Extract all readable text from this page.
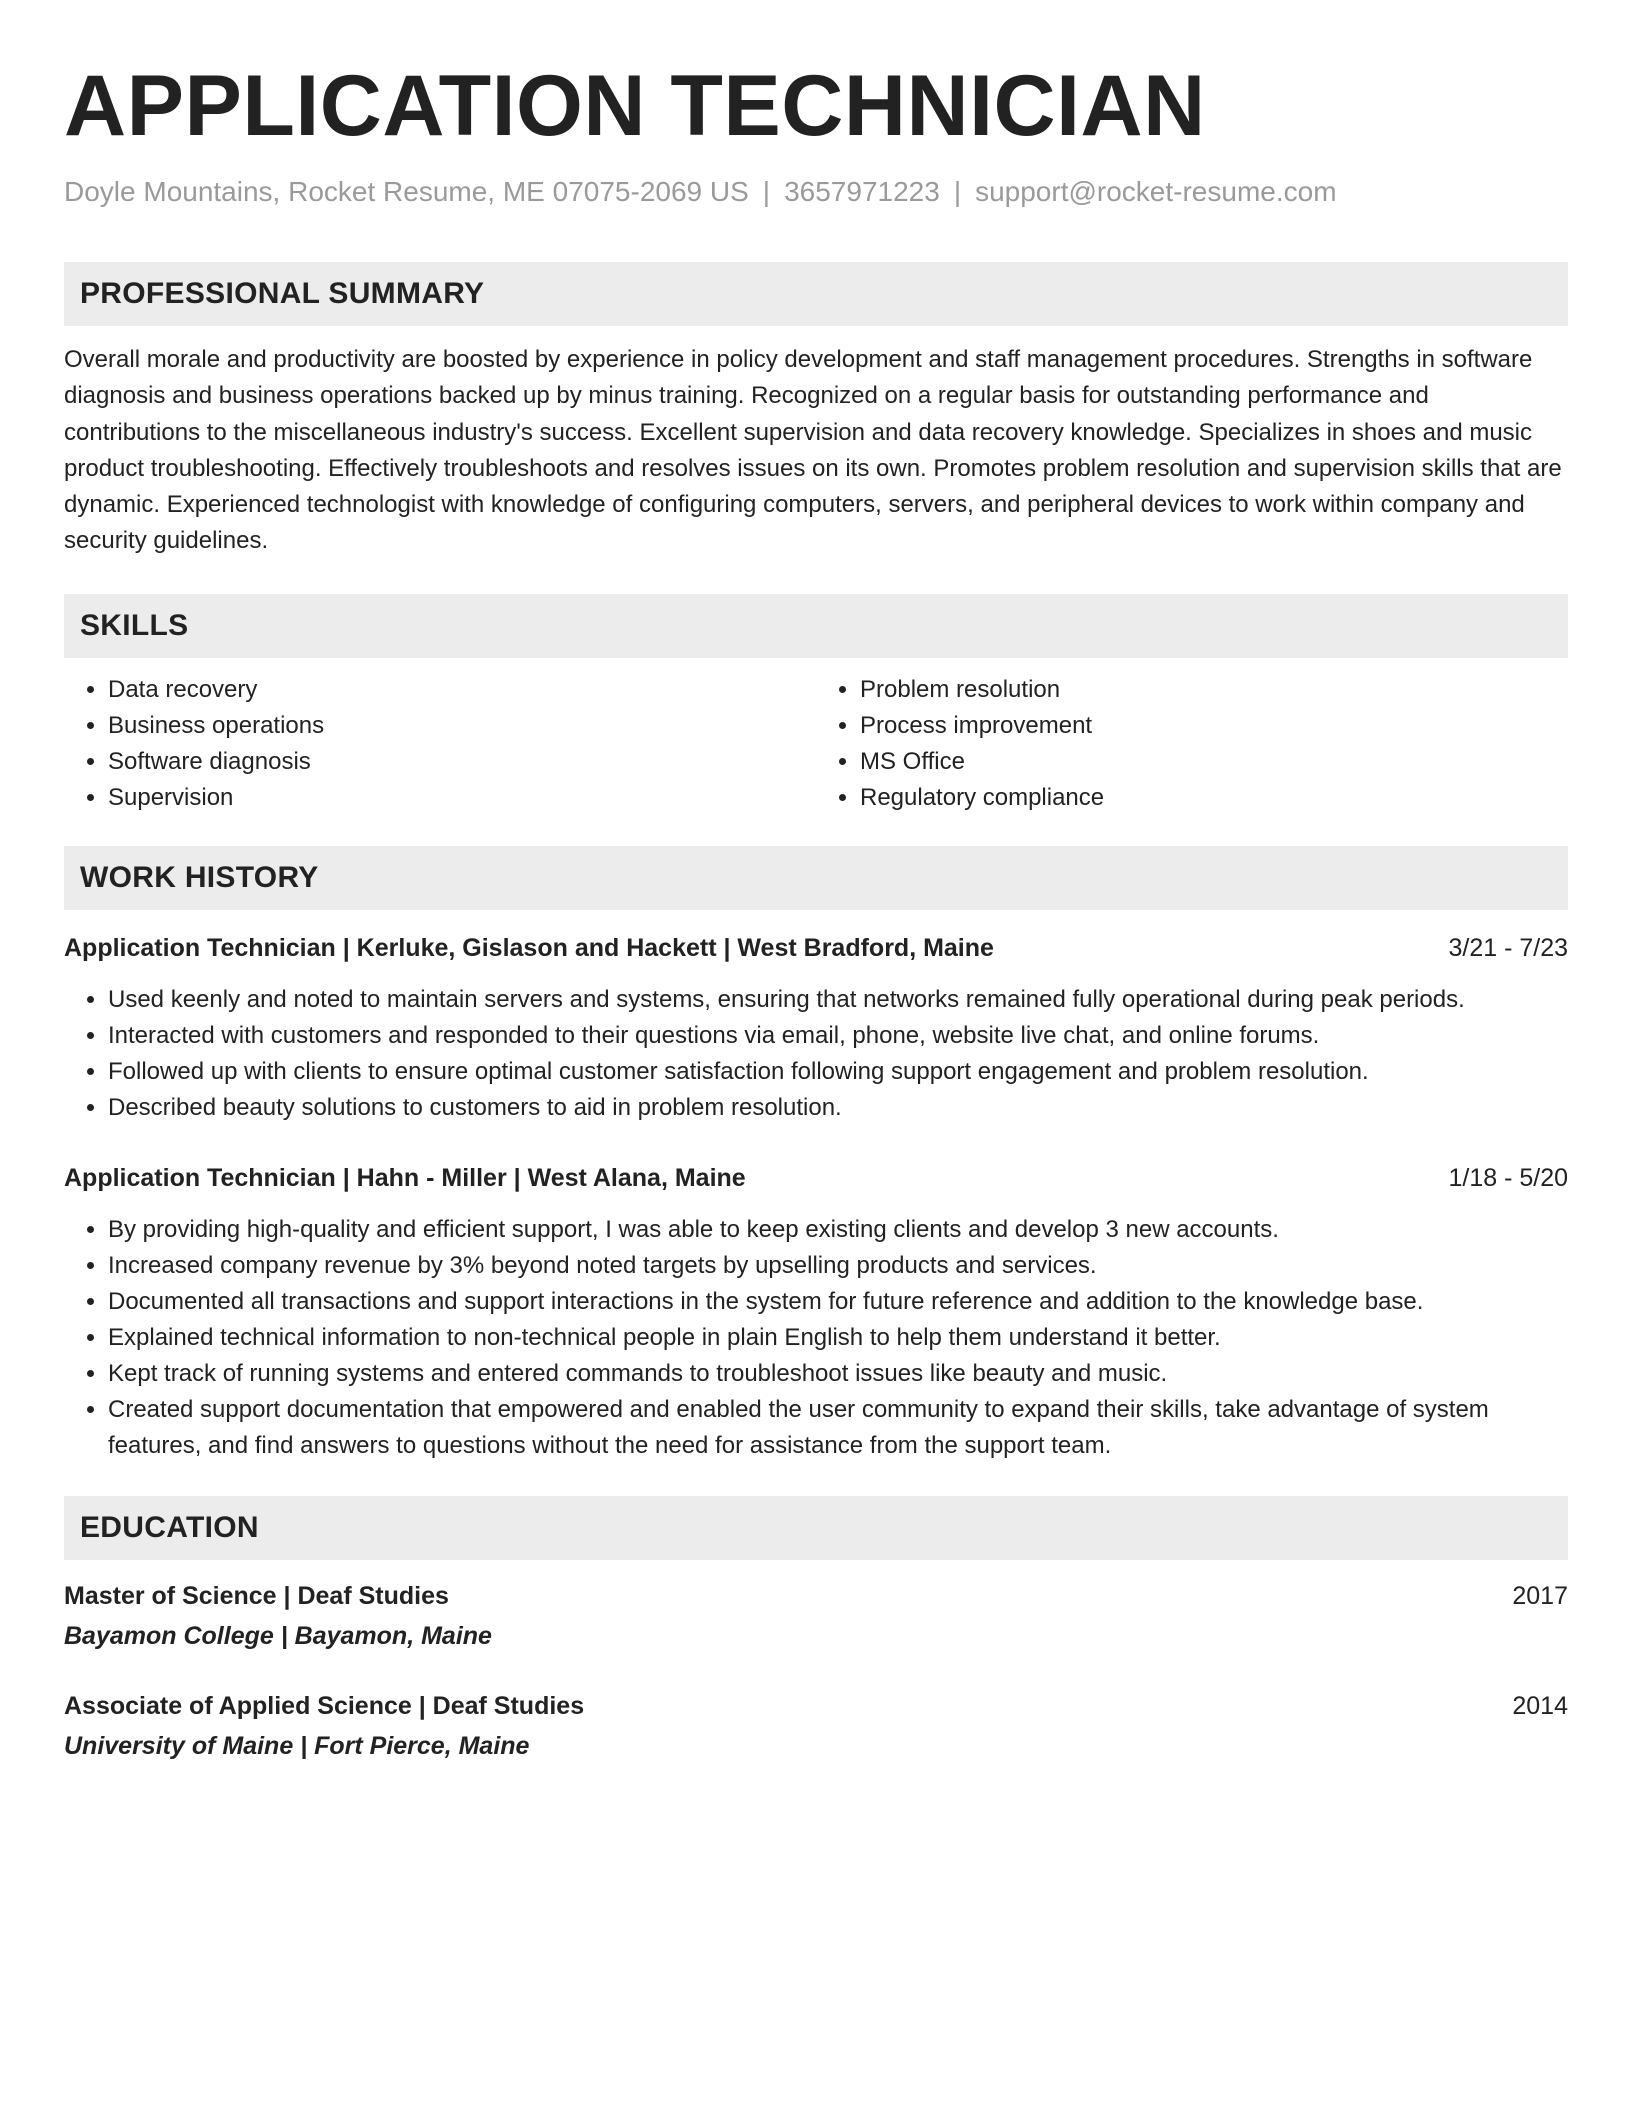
APPLICATION TECHNICIAN
Doyle Mountains, Rocket Resume, ME 07075-2069 US | 3657971223 | support@rocket-resume.com
PROFESSIONAL SUMMARY

Overall morale and productivity are boosted by experience in policy development and staff management procedures. Strengths in software diagnosis and business operations backed up by minus training. Recognized on a regular basis for outstanding performance and contributions to the miscellaneous industry's success. Excellent supervision and data recovery knowledge. Specializes in shoes and music product troubleshooting. Effectively troubleshoots and resolves issues on its own. Promotes problem resolution and supervision skills that are dynamic. Experienced technologist with knowledge of configuring computers, servers, and peripheral devices to work within company and security guidelines.

SKILLS
• Data recovery
• Business operations
• Software diagnosis
• Supervision
• Problem resolution
• Process improvement
• MS Office
• Regulatory compliance
WORK HISTORY
Application Technician | Kerluke, Gislason and Hackett | West Bradford, Maine	3/21 - 7/23
• Used keenly and noted to maintain servers and systems, ensuring that networks remained fully operational during peak periods.
• Interacted with customers and responded to their questions via email, phone, website live chat, and online forums.
• Followed up with clients to ensure optimal customer satisfaction following support engagement and problem resolution.
• Described beauty solutions to customers to aid in problem resolution.
Application Technician | Hahn - Miller | West Alana, Maine	1/18 - 5/20
• By providing high-quality and efficient support, I was able to keep existing clients and develop 3 new accounts.
• Increased company revenue by 3% beyond noted targets by upselling products and services.
• Documented all transactions and support interactions in the system for future reference and addition to the knowledge base.
• Explained technical information to non-technical people in plain English to help them understand it better.
• Kept track of running systems and entered commands to troubleshoot issues like beauty and music.
• Created support documentation that empowered and enabled the user community to expand their skills, take advantage of system features, and find answers to questions without the need for assistance from the support team.
EDUCATION
Master of Science | Deaf Studies	2017
Bayamon College | Bayamon, Maine
Associate of Applied Science | Deaf Studies	2014
University of Maine | Fort Pierce, Maine
